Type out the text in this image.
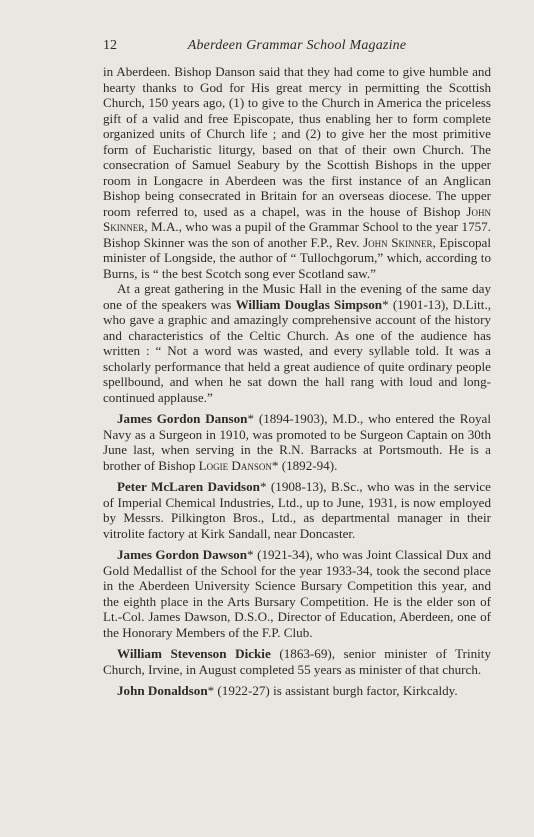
12	Aberdeen Grammar School Magazine

in Aberdeen. Bishop Danson said that they had come to give humble and hearty thanks to God for His great mercy in permitting the Scottish Church, 150 years ago, (1) to give to the Church in America the priceless gift of a valid and free Episcopate, thus enabling her to form complete organized units of Church life ; and (2) to give her the most primitive form of Eucharistic liturgy, based on that of their own Church. The consecration of Samuel Seabury by the Scottish Bishops in the upper room in Longacre in Aberdeen was the first instance of an Anglican Bishop being consecrated in Britain for an overseas diocese. The upper room referred to, used as a chapel, was in the house of Bishop John Skinner, M.A., who was a pupil of the Grammar School to the year 1757. Bishop Skinner was the son of another F.P., Rev. John Skinner, Episcopal minister of Longside, the author of “ Tullochgorum,” which, according to Burns, is “ the best Scotch song ever Scotland saw.”

At a great gathering in the Music Hall in the evening of the same day one of the speakers was William Douglas Simpson* (1901-13), D.Litt., who gave a graphic and amazingly comprehensive account of the history and characteristics of the Celtic Church. As one of the audience has written : “ Not a word was wasted, and every syllable told. It was a scholarly performance that held a great audience of quite ordinary people spellbound, and when he sat down the hall rang with loud and long-continued applause.”

James Gordon Danson* (1894-1903), M.D., who entered the Royal Navy as a Surgeon in 1910, was promoted to be Surgeon Captain on 30th June last, when serving in the R.N. Barracks at Portsmouth. He is a brother of Bishop Logie Danson* (1892-94).

Peter McLaren Davidson* (1908-13), B.Sc., who was in the service of Imperial Chemical Industries, Ltd., up to June, 1931, is now employed by Messrs. Pilkington Bros., Ltd., as departmental manager in their vitrolite factory at Kirk Sandall, near Doncaster.

James Gordon Dawson* (1921-34), who was Joint Classical Dux and Gold Medallist of the School for the year 1933-34, took the second place in the Aberdeen University Science Bursary Competition this year, and the eighth place in the Arts Bursary Competition. He is the elder son of Lt.-Col. James Dawson, D.S.O., Director of Education, Aberdeen, one of the Honorary Members of the F.P. Club.

William Stevenson Dickie (1863-69), senior minister of Trinity Church, Irvine, in August completed 55 years as minister of that church.

John Donaldson* (1922-27) is assistant burgh factor, Kirkcaldy.
